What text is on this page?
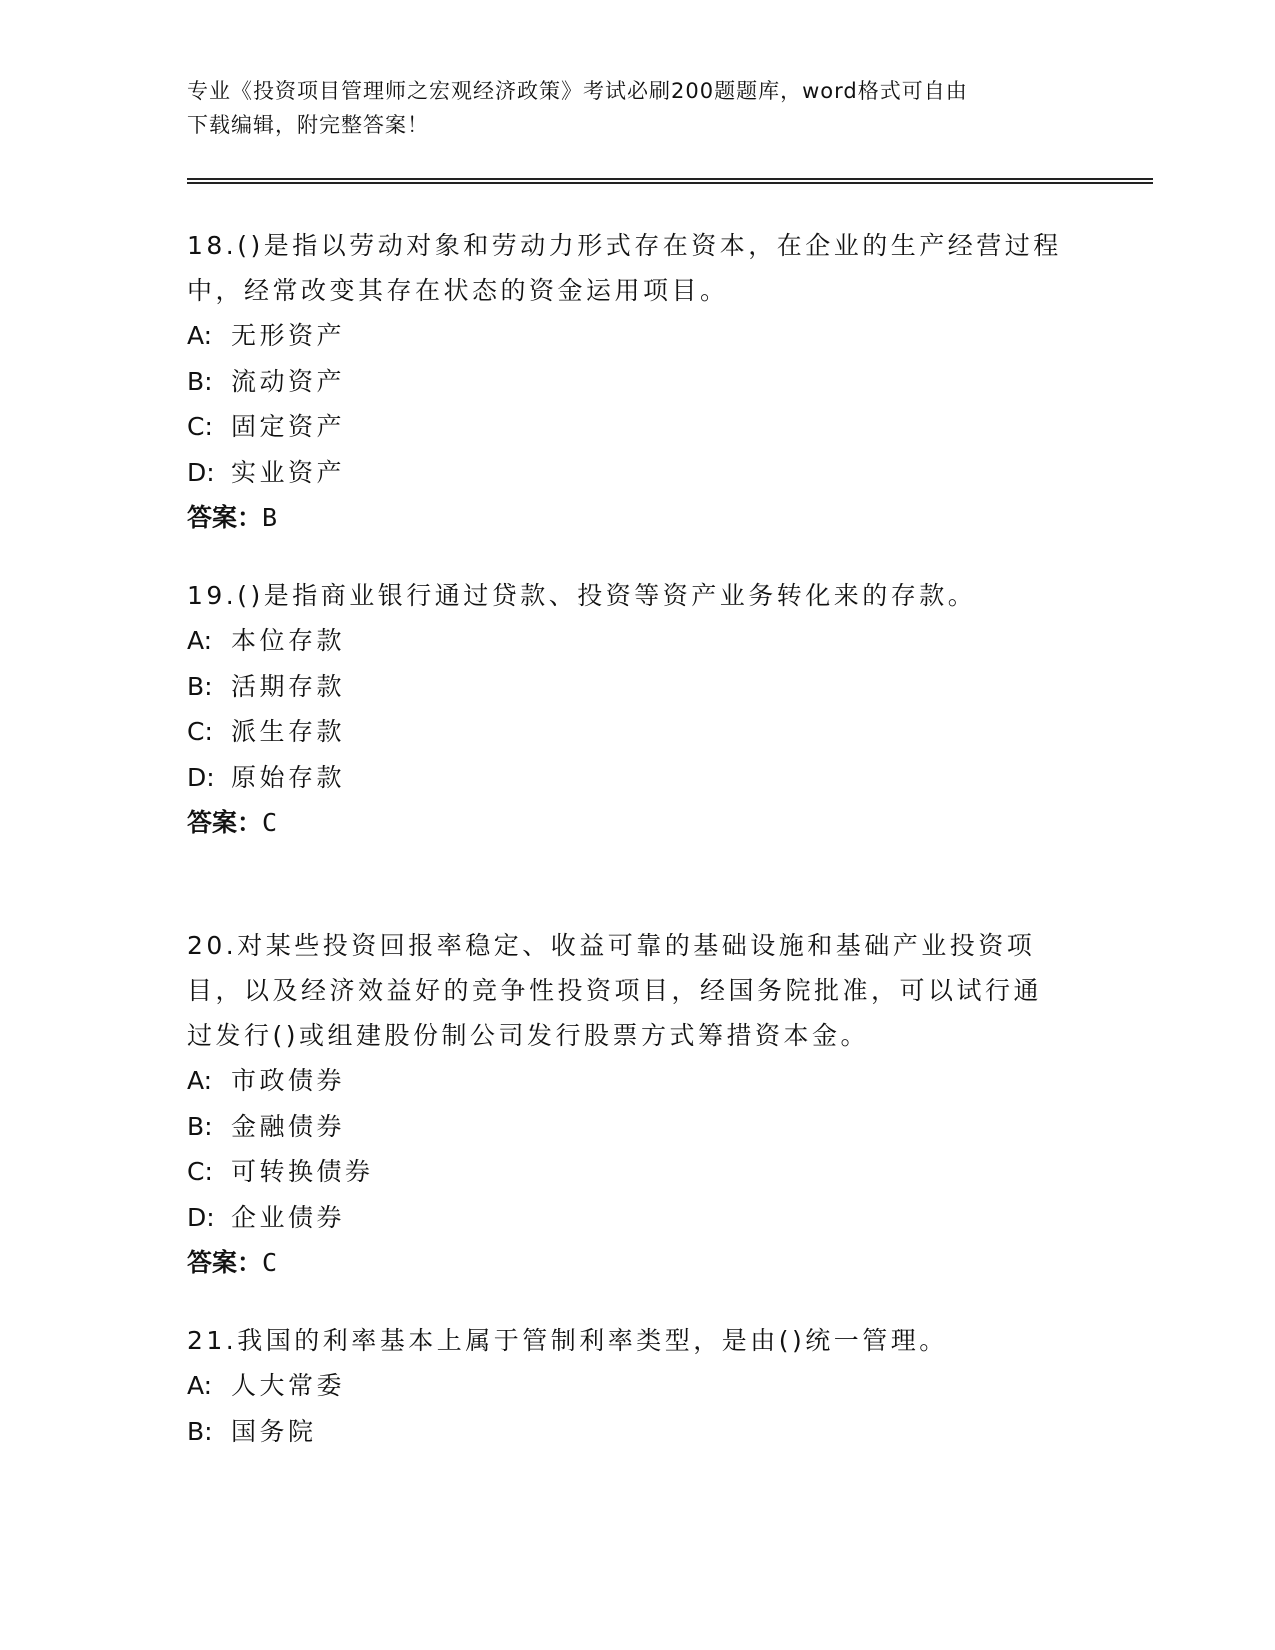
专业《投资项目管理师之宏观经济政策》考试必刷200题题库，word格式可自由
下载编辑，附完整答案！

18.()是指以劳动对象和劳动力形式存在资本，在企业的生产经营过程中，经常改变其存在状态的资金运用项目。

A: 无形资产

B: 流动资产

C: 固定资产

D: 实业资产

答案：B

19.()是指商业银行通过贷款、投资等资产业务转化来的存款。

A: 本位存款

B: 活期存款

C: 派生存款

D: 原始存款

答案：C

20.对某些投资回报率稳定、收益可靠的基础设施和基础产业投资项目，以及经济效益好的竞争性投资项目，经国务院批准，可以试行通过发行()或组建股份制公司发行股票方式筹措资本金。

A: 市政债券

B: 金融债券

C: 可转换债券

D: 企业债券

答案：C

21.我国的利率基本上属于管制利率类型，是由()统一管理。

A: 人大常委

B: 国务院
